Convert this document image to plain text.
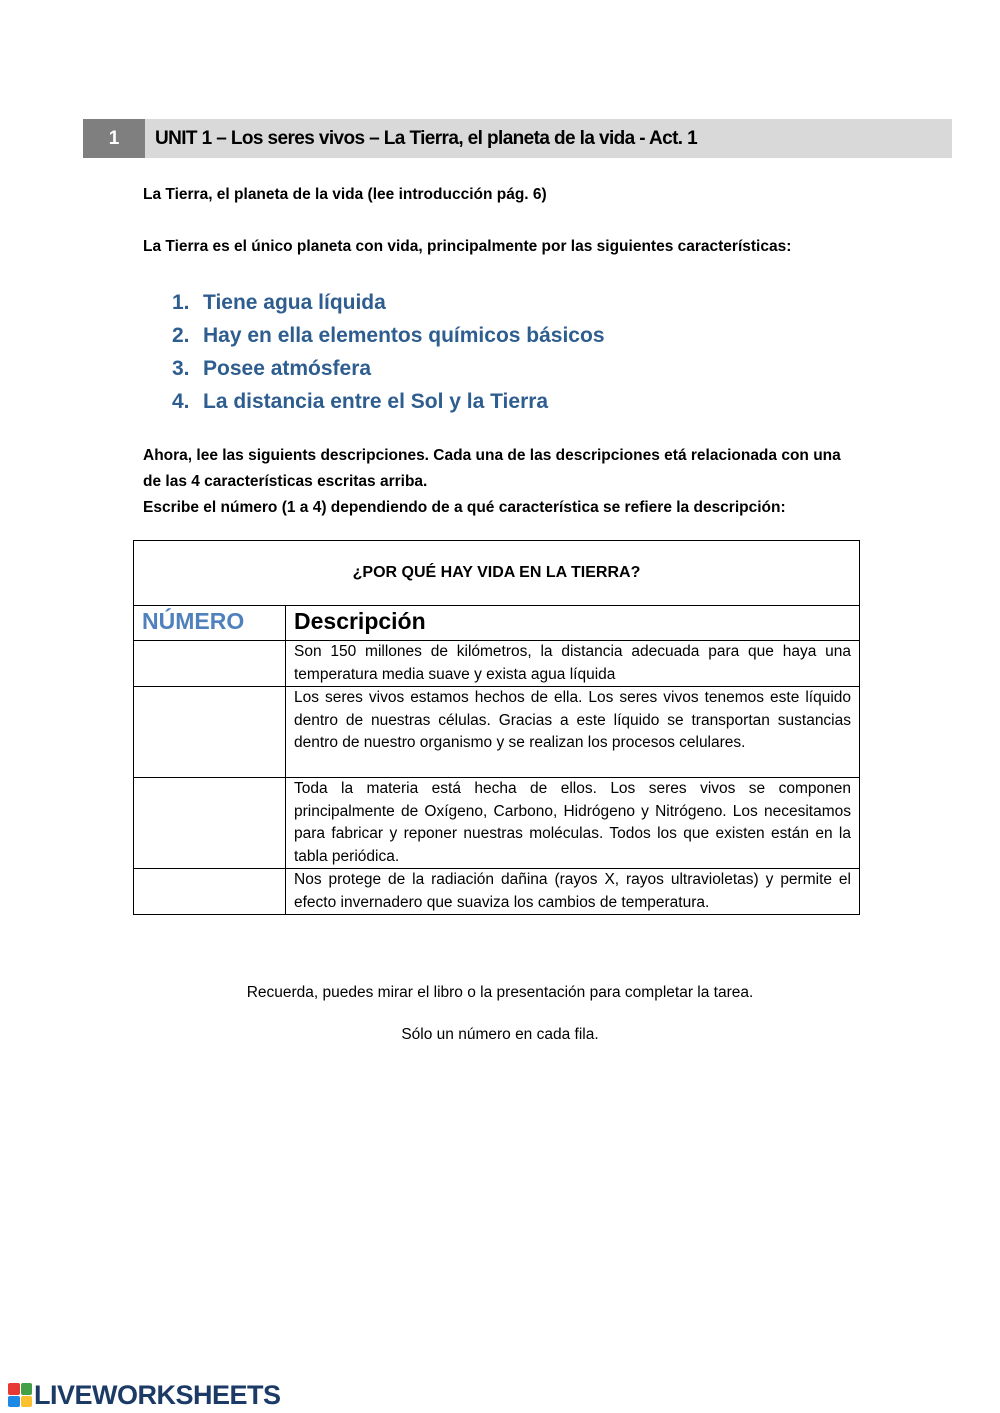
1	UNIT 1 – Los seres vivos – La Tierra, el planeta de la vida - Act. 1

La Tierra, el planeta de la vida (lee introducción pág. 6)

La Tierra es el único planeta con vida, principalmente por las siguientes características:

1. Tiene agua líquida
2. Hay en ella elementos químicos básicos
3. Posee atmósfera
4. La distancia entre el Sol y la Tierra
Ahora, lee las siguients descripciones. Cada una de las descripciones etá relacionada con una de las 4 características escritas arriba.
Escribe el número (1 a 4) dependiendo de a qué característica se refiere la descripción:
¿POR QUÉ HAY VIDA EN LA TIERRA?	
NÚMERO	Descripción
	Son 150 millones de kilómetros, la distancia adecuada para que haya una temperatura media suave y exista agua líquida
	Los seres vivos estamos hechos de ella. Los seres vivos tenemos este líquido dentro de nuestras células. Gracias a este líquido se transportan sustancias dentro de nuestro organismo y se realizan los procesos celulares.
	Toda la materia está hecha de ellos. Los seres vivos se componen principalmente de Oxígeno, Carbono, Hidrógeno y Nitrógeno. Los necesitamos para fabricar y reponer nuestras moléculas. Todos los que existen están en la tabla periódica.
	Nos protege de la radiación dañina (rayos X, rayos ultravioletas) y permite el efecto invernadero que suaviza los cambios de temperatura.

Recuerda, puedes mirar el libro o la presentación para completar la tarea.

Sólo un número en cada fila.

LIVEWORKSHEETS
